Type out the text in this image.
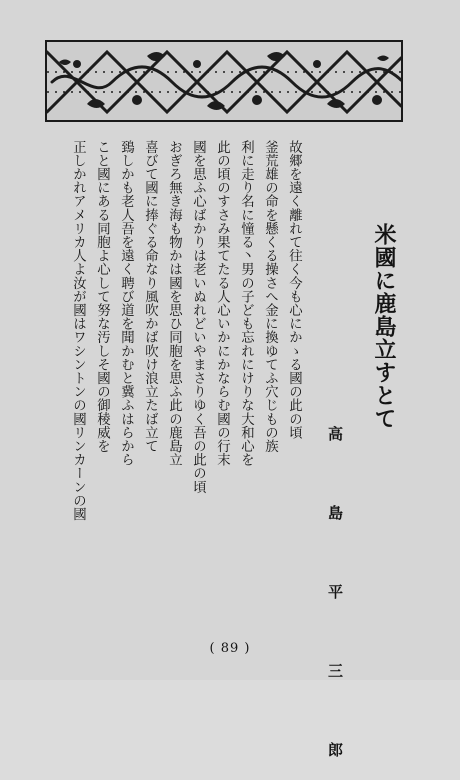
米國に鹿島立すとて
高 島 平 三 郎
故郷を遠く離れて往く今も心にかゝる國の此の頃
釜荒雄の命を懸くる操さへ金に換ゆてふ穴じもの族
利に走り名に憧る丶男の子ども忘れにけりな大和心を
此の頃のすさみ果てたる人心いかにかならむ國の行末
國を思ふ心ばかりは老いぬれどいやまさりゆく吾の此の頃
おぎろ無き海も物かは國を思ひ同胞を思ふ此の鹿島立
喜びて國に捧ぐる命なり風吹かば吹け浪立たば立て
鵄しかも老人吾を遠く聘び道を聞かむと冀ふはらから
こと國にある同胞よ心して努な汚しそ國の御稜威を
正しかれアメリカ人よ汝が國はワシントンの國リンカーンの國
( 89 )
